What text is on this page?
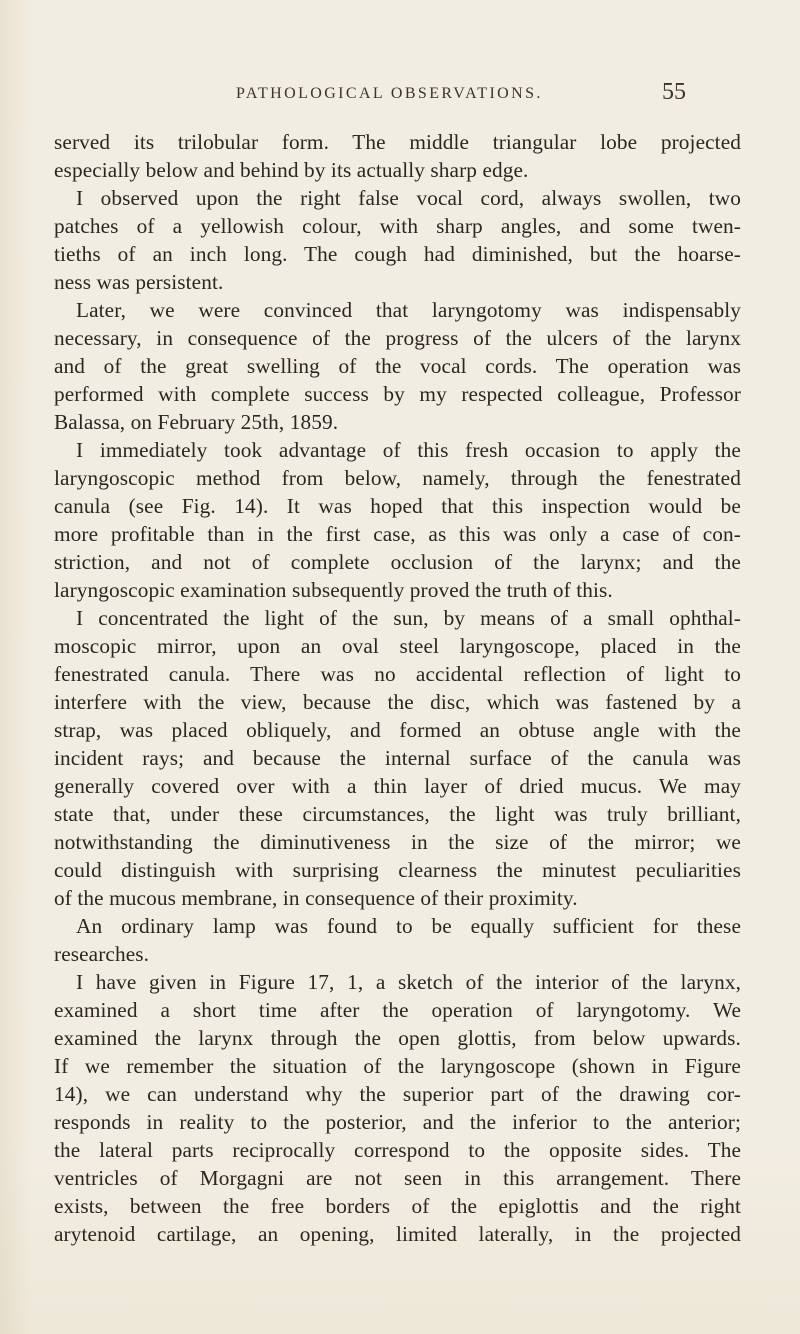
PATHOLOGICAL OBSERVATIONS.	55
served its trilobular form. The middle triangular lobe projected
especially below and behind by its actually sharp edge.
I observed upon the right false vocal cord, always swollen, two
patches of a yellowish colour, with sharp angles, and some twen-
tieths of an inch long. The cough had diminished, but the hoarse-
ness was persistent.
Later, we were convinced that laryngotomy was indispensably
necessary, in consequence of the progress of the ulcers of the larynx
and of the great swelling of the vocal cords. The operation was
performed with complete success by my respected colleague, Professor
Balassa, on February 25th, 1859.
I immediately took advantage of this fresh occasion to apply the
laryngoscopic method from below, namely, through the fenestrated
canula (see Fig. 14). It was hoped that this inspection would be
more profitable than in the first case, as this was only a case of con-
striction, and not of complete occlusion of the larynx; and the
laryngoscopic examination subsequently proved the truth of this.
I concentrated the light of the sun, by means of a small ophthal-
moscopic mirror, upon an oval steel laryngoscope, placed in the
fenestrated canula. There was no accidental reflection of light to
interfere with the view, because the disc, which was fastened by a
strap, was placed obliquely, and formed an obtuse angle with the
incident rays; and because the internal surface of the canula was
generally covered over with a thin layer of dried mucus. We may
state that, under these circumstances, the light was truly brilliant,
notwithstanding the diminutiveness in the size of the mirror; we
could distinguish with surprising clearness the minutest peculiarities
of the mucous membrane, in consequence of their proximity.
An ordinary lamp was found to be equally sufficient for these
researches.
I have given in Figure 17, 1, a sketch of the interior of the larynx,
examined a short time after the operation of laryngotomy. We
examined the larynx through the open glottis, from below upwards.
If we remember the situation of the laryngoscope (shown in Figure
14), we can understand why the superior part of the drawing cor-
responds in reality to the posterior, and the inferior to the anterior;
the lateral parts reciprocally correspond to the opposite sides. The
ventricles of Morgagni are not seen in this arrangement. There
exists, between the free borders of the epiglottis and the right
arytenoid cartilage, an opening, limited laterally, in the projected
